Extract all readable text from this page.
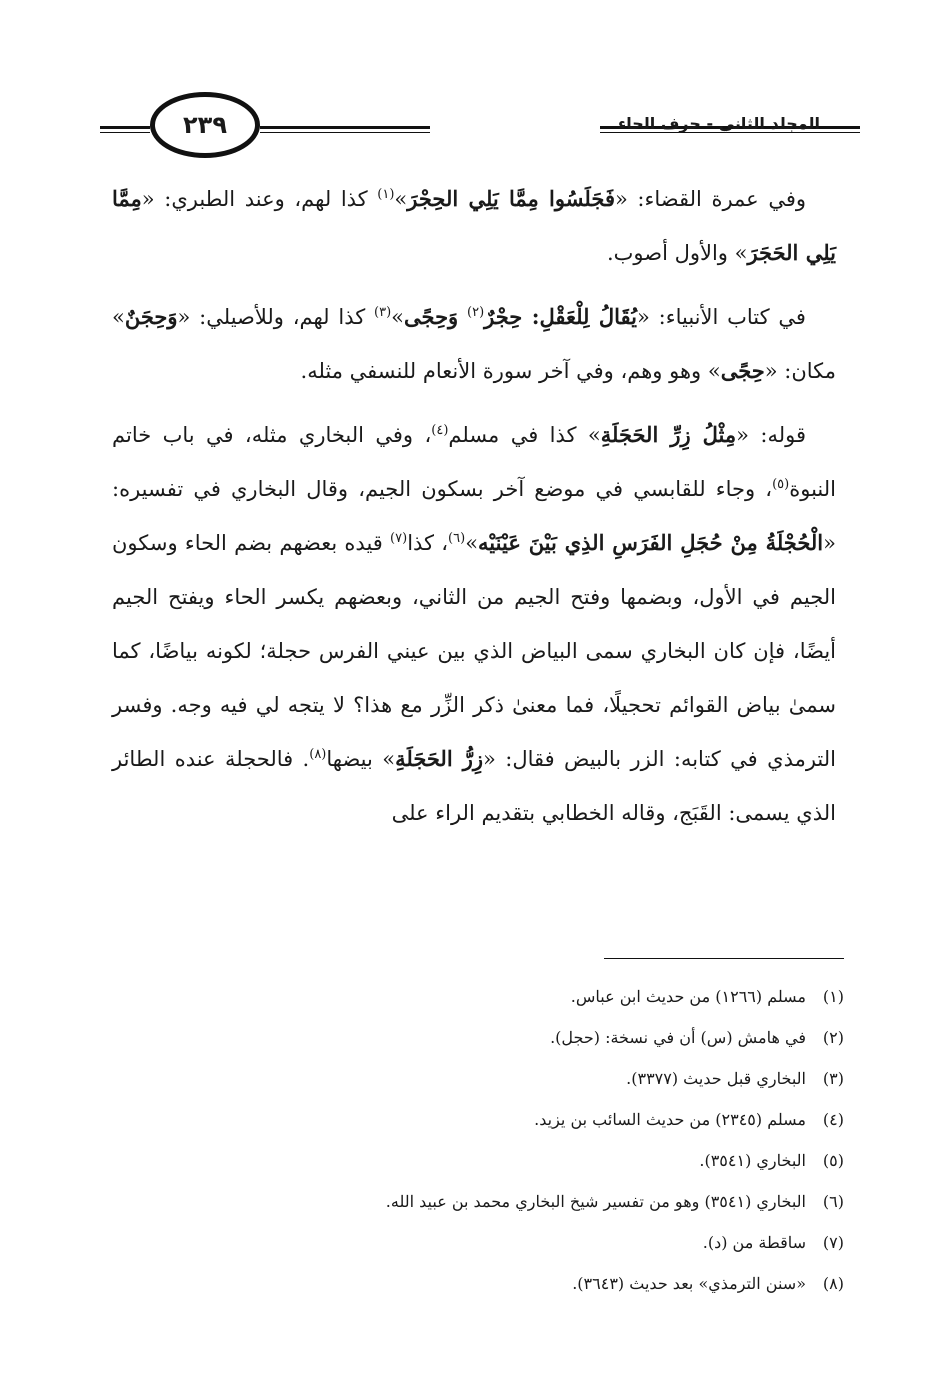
المجلد الثاني - حرف الحاء
٢٣٩

وفي عمرة القضاء: «فَجَلَسُوا مِمَّا يَلِي الحِجْرَ»$^{(١)}$ كذا لهم، وعند الطبري: «مِمَّا يَلِي الحَجَرَ» والأول أصوب.

في كتاب الأنبياء: «يُقَالُ لِلْعَقْلِ: حِجْرٌ$^{(٢)}$ وَحِجًى»$^{(٣)}$ كذا لهم، وللأصيلي: «وَحِجَنٌ» مكان: «حِجًى» وهو وهم، وفي آخر سورة الأنعام للنسفي مثله.

قوله: «مِثْلُ زِرِّ الحَجَلَةِ» كذا في مسلم$^{(٤)}$، وفي البخاري مثله، في باب خاتم النبوة$^{(٥)}$، وجاء للقابسي في موضع آخر بسكون الجيم، وقال البخاري في تفسيره: «الْحُجْلَةُ مِنْ حُجَلِ الفَرَسِ الذِي بَيْنَ عَيْنَيْه»$^{(٦)}$، كذا$^{(٧)}$ قيده بعضهم بضم الحاء وسكون الجيم في الأول، وبضمها وفتح الجيم من الثاني، وبعضهم يكسر الحاء ويفتح الجيم أيضًا، فإن كان البخاري سمى البياض الذي بين عيني الفرس حجلة؛ لكونه بياضًا، كما سمىٰ بياض القوائم تحجيلًا، فما معنىٰ ذكر الزِّر مع هذا؟ لا يتجه لي فيه وجه. وفسر الترمذي في كتابه: الزر بالبيض فقال: «زِرُّ الحَجَلَةِ» بيضها$^{(٨)}$. فالحجلة عنده الطائر الذي يسمى: القَبَج، وقاله الخطابي بتقديم الراء على

(١)مسلم (١٢٦٦) من حديث ابن عباس.
(٢)في هامش (س) أن في نسخة: (حجل).
(٣)البخاري قبل حديث (٣٣٧٧).
(٤)مسلم (٢٣٤٥) من حديث السائب بن يزيد.
(٥)البخاري (٣٥٤١).
(٦)البخاري (٣٥٤١) وهو من تفسير شيخ البخاري محمد بن عبيد الله.
(٧)ساقطة من (د).
(٨)«سنن الترمذي» بعد حديث (٣٦٤٣).
